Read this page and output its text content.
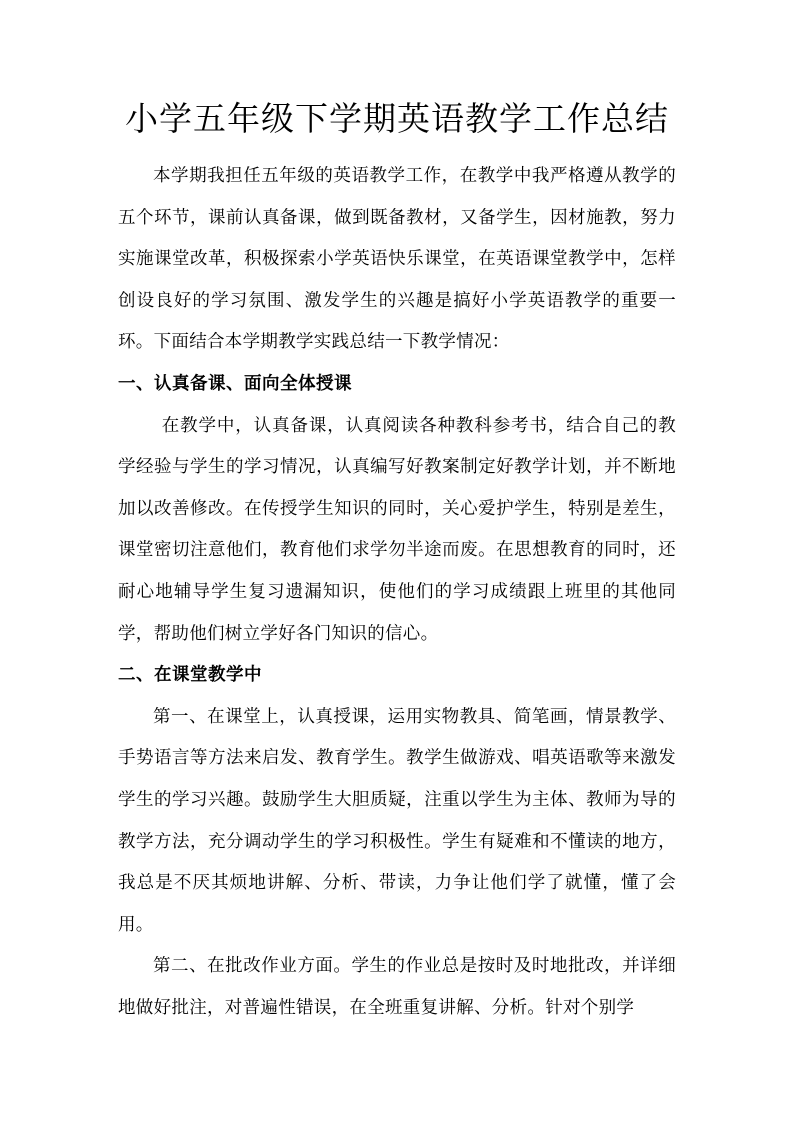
小学五年级下学期英语教学工作总结

本学期我担任五年级的英语教学工作，在教学中我严格遵从教学的五个环节，课前认真备课，做到既备教材，又备学生，因材施教，努力实施课堂改革，积极探索小学英语快乐课堂，在英语课堂教学中，怎样创设良好的学习氛围、激发学生的兴趣是搞好小学英语教学的重要一环。下面结合本学期教学实践总结一下教学情况：

一、认真备课、面向全体授课

在教学中，认真备课，认真阅读各种教科参考书，结合自己的教学经验与学生的学习情况，认真编写好教案制定好教学计划，并不断地加以改善修改。在传授学生知识的同时，关心爱护学生，特别是差生，课堂密切注意他们，教育他们求学勿半途而废。在思想教育的同时，还耐心地辅导学生复习遗漏知识，使他们的学习成绩跟上班里的其他同学，帮助他们树立学好各门知识的信心。

二、在课堂教学中

第一、在课堂上，认真授课，运用实物教具、简笔画，情景教学、手势语言等方法来启发、教育学生。教学生做游戏、唱英语歌等来激发学生的学习兴趣。鼓励学生大胆质疑，注重以学生为主体、教师为导的教学方法，充分调动学生的学习积极性。学生有疑难和不懂读的地方，我总是不厌其烦地讲解、分析、带读，力争让他们学了就懂，懂了会用。

第二、在批改作业方面。学生的作业总是按时及时地批改，并详细地做好批注，对普遍性错误，在全班重复讲解、分析。针对个别学
